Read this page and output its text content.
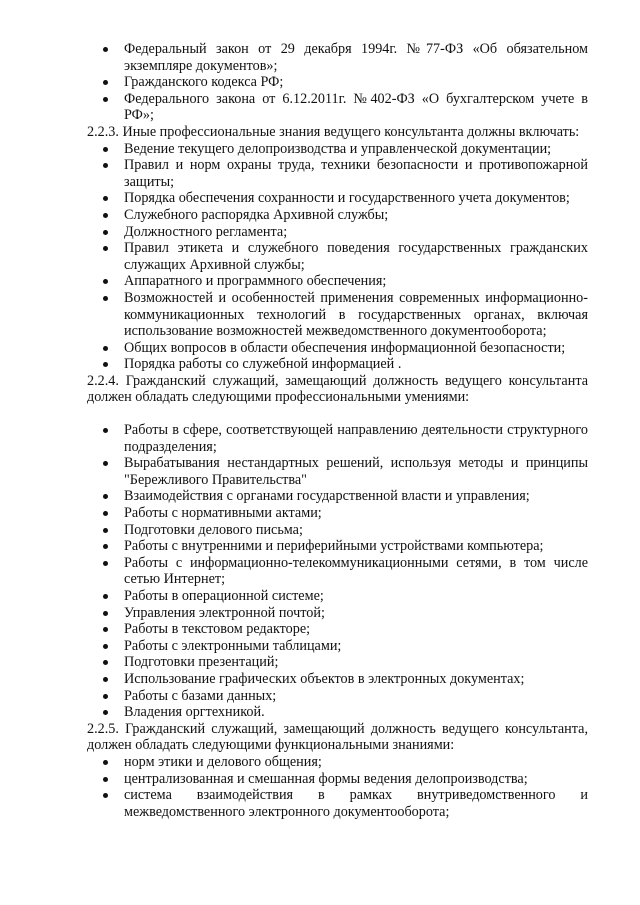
Федеральный закон от 29 декабря 1994г. №77-ФЗ «Об обязательном экземпляре документов»;
Гражданского кодекса РФ;
Федерального закона от 6.12.2011г. №402-ФЗ «О бухгалтерском учете в РФ»;
2.2.3. Иные профессиональные знания ведущего консультанта должны включать:
Ведение текущего делопроизводства и управленческой документации;
Правил и норм охраны труда, техники безопасности и противопожарной защиты;
Порядка обеспечения сохранности и государственного учета документов;
Служебного распорядка Архивной службы;
Должностного регламента;
Правил этикета и служебного поведения государственных гражданских служащих Архивной службы;
Аппаратного и программного обеспечения;
Возможностей и особенностей применения современных информационно-коммуникационных технологий в государственных органах, включая использование возможностей межведомственного документооборота;
Общих вопросов в области обеспечения информационной безопасности;
Порядка работы со служебной информацией .
2.2.4. Гражданский служащий, замещающий должность ведущего консультанта должен обладать следующими профессиональными умениями:
Работы в сфере, соответствующей направлению деятельности структурного подразделения;
Вырабатывания нестандартных решений, используя методы и принципы "Бережливого Правительства"
Взаимодействия с органами государственной власти и управления;
Работы с нормативными актами;
Подготовки делового письма;
Работы с внутренними и периферийными устройствами компьютера;
Работы с информационно-телекоммуникационными сетями, в том числе сетью Интернет;
Работы в операционной системе;
Управления электронной почтой;
Работы в текстовом редакторе;
Работы с электронными таблицами;
Подготовки презентаций;
Использование графических объектов в электронных документах;
Работы с базами данных;
Владения оргтехникой.
2.2.5. Гражданский служащий, замещающий должность ведущего консультанта, должен обладать следующими функциональными знаниями:
норм этики и делового общения;
централизованная и смешанная формы ведения делопроизводства;
система взаимодействия в рамках внутриведомственного и межведомственного электронного документооборота;
